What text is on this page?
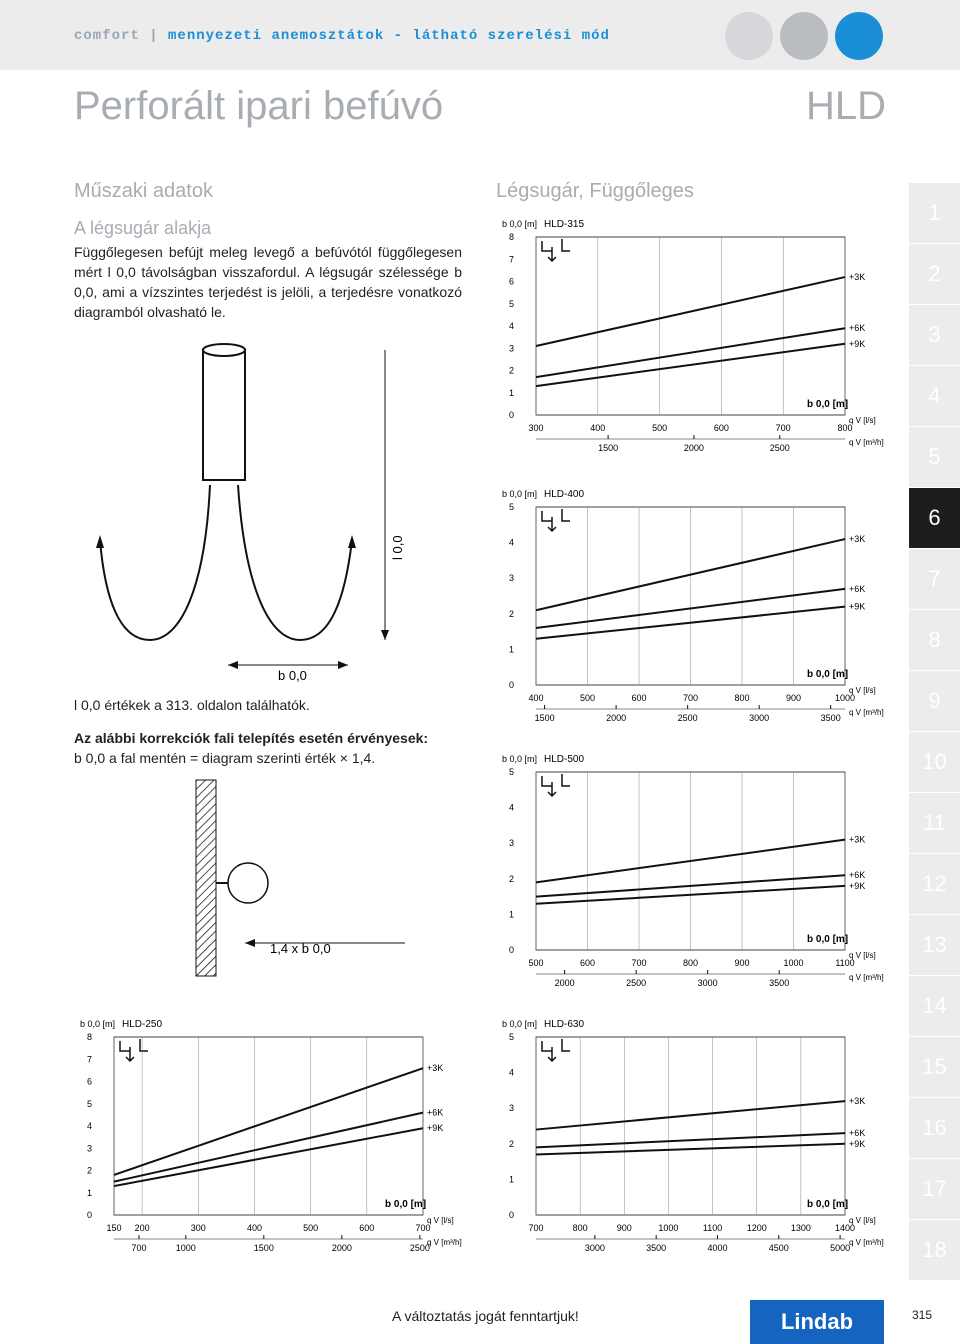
comfort | mennyezeti anemosztátok - látható szerelési mód
Perforált ipari befúvó	HLD
Műszaki adatok
A légsugár alakja
Függőlegesen befújt meleg levegő a befúvótól függőlegesen mért l 0,0 távolságban visszafordul. A légsugár szélessége b 0,0, ami a vízszintes terjedést is jelöli, a terjedésre vonatkozó diagramból olvasható le.
l 0,0
b 0,0
l 0,0 értékek a 313. oldalon találhatók.
Az alábbi korrekciók fali telepítés esetén érvényesek:
b 0,0 a fal mentén = diagram szerinti érték × 1,4.
1,4 x b 0,0
Légsugár, Függőleges
b 0,0 [m] HLD-250
150 200	300	400	500	600	700
0
1
2
3
4
5
6
7
8
700	1000	1500	2000	2500
q V [l/s]
q V [m³/h]
b 0,0 [m]
+3K
+6K
+9K
b 0,0 [m] HLD-315
300	400	500	600	700	800
0
1
2
3
4
5
6
7
8
1500	2000	2500
q V [l/s]
q V [m³/h]
b 0,0 [m]
+3K
+6K
+9K
b 0,0 [m] HLD-400
400	500	600	700	800	900	1000
0
1
2
3
4
5
1500	2000	2500	3000	3500
q V [l/s]
q V [m³/h]
b 0,0 [m]
+3K
+6K
+9K
b 0,0 [m] HLD-500
500	600	700	800	900	1000	1100
0
1
2
3
4
5
2000	2500	3000	3500
q V [l/s]
q V [m³/h]
b 0,0 [m]
+3K
+6K
+9K
b 0,0 [m] HLD-630
700	800	900	1000	1100	1200	1300	1400
0
1
2
3
4
5
3000	3500	4000	4500	5000
q V [l/s]
q V [m³/h]
b 0,0 [m]
+3K
+6K
+9K
1
2
3
4
5
6
7
8
9
10
11
12
13
14
15
16
17
18
A változtatás jogát fenntartjuk!	Lindab	315
